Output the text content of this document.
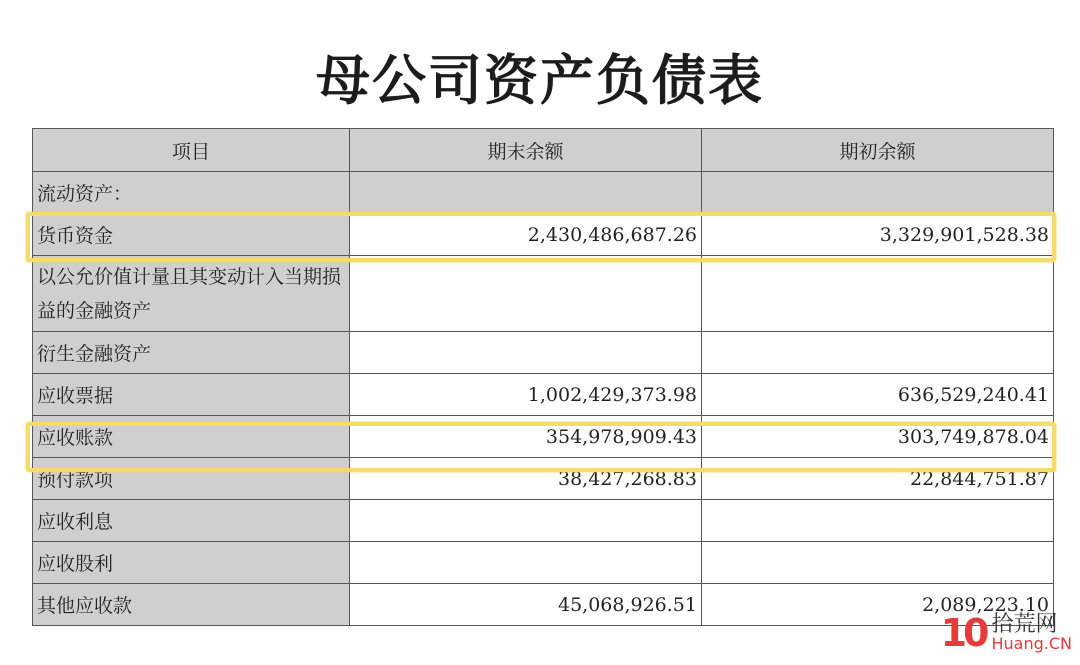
母公司资产负债表
项目	期末余额	期初余额
流动资产：		
货币资金	2,430,486,687.26	3,329,901,528.38
以公允价值计量且其变动计入当期损益的金融资产		
衍生金融资产		
应收票据	1,002,429,373.98	636,529,240.41
应收账款	354,978,909.43	303,749,878.04
预付款项	38,427,268.83	22,844,751.87
应收利息		
应收股利		
其他应收款	45,068,926.51	2,089,223.10
10 拾荒网
Huang.CN
